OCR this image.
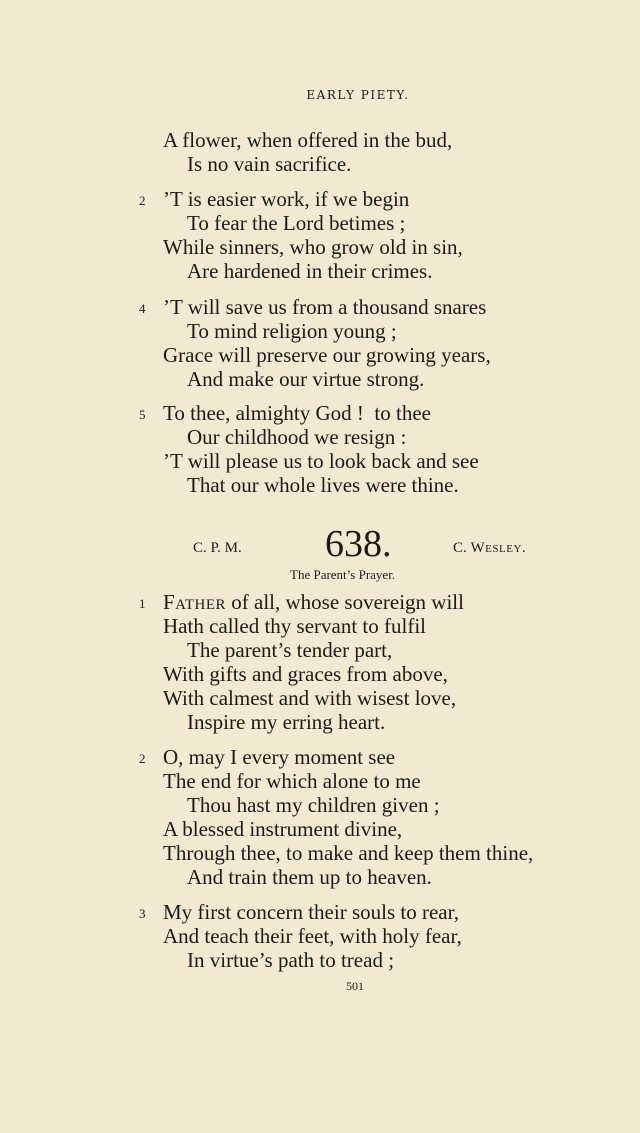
EARLY PIETY.
A flower, when offered in the bud,
Is no vain sacrifice.
2 ’T is easier work, if we begin
To fear the Lord betimes ;
While sinners, who grow old in sin,
Are hardened in their crimes.
4 ’T will save us from a thousand snares
To mind religion young ;
Grace will preserve our growing years,
And make our virtue strong.
5 To thee, almighty God !  to thee
Our childhood we resign :
’T will please us to look back and see
That our whole lives were thine.
C. P. M. 638.	C. Wesley.
The Parent’s Prayer.
1 Father of all, whose sovereign will
Hath called thy servant to fulfil
The parent’s tender part,
With gifts and graces from above,
With calmest and with wisest love,
Inspire my erring heart.
2 O, may I every moment see
The end for which alone to me
Thou hast my children given ;
A blessed instrument divine,
Through thee, to make and keep them thine,
And train them up to heaven.
3 My first concern their souls to rear,
And teach their feet, with holy fear,
In virtue’s path to tread ;
501
